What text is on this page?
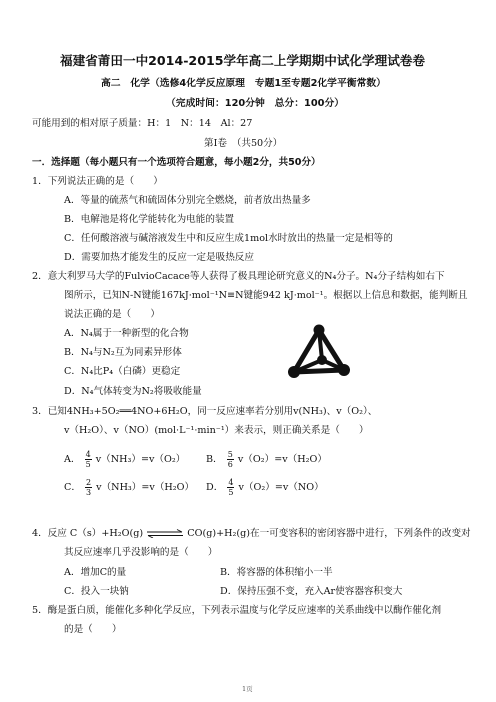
福建省莆田一中2014-2015学年高二上学期期中试化学理试卷卷
高二　化学（选修4化学反应原理　专题1至专题2化学平衡常数）
（完成时间：120分钟　总分：100分）
可能用到的相对原子质量：H：1　N：14　Al：27
第I卷　（共50分）
一．选择题（每小题只有一个选项符合题意，每小题2分，共50分）
1．下列说法正确的是（　　）
A．等量的硫蒸气和硫固体分别完全燃烧，前者放出热量多
B．电解池是将化学能转化为电能的装置
C．任何酸溶液与碱溶液发生中和反应生成1mol水时放出的热量一定是相等的
D．需要加热才能发生的反应一定是吸热反应
2．意大利罗马大学的FulvioCacace等人获得了极具理论研究意义的N₄分子。N₄分子结构如右下
图所示，已知N-N键能167kJ·mol⁻¹N≡N键能942 kJ·mol⁻¹。根据以上信息和数据，能判断且
说法正确的是（　　）
A．N₄属于一种新型的化合物
B．N₄与N₂互为同素异形体
C．N₄比P₄（白磷）更稳定
D．N₄气体转变为N₂将吸收能量
3．已知4NH₃+5O₂══4NO+6H₂O，同一反应速率若分别用v(NH₃)、v（O₂）、
v（H₂O）、v（NO）(mol·L⁻¹·min⁻¹）来表示，则正确关系是（　　）
A． $\frac{4}{5} v(NH_3)=v(O_2)$ B． $\frac{5}{6} v(O_2)=v(H_2O)$
C． $\frac{2}{3} v(NH_3)=v(H_2O)$ D． $\frac{4}{5} v(O_2)=v(NO)$
4．反应 C（s）+H₂O(g) ⇌ CO(g)+H₂(g)在一可变容积的密闭容器中进行，下列条件的改变对
其反应速率几乎没影响的是（　　）
A．增加C的量	B．将容器的体积缩小一半
C．投入一块钠	D．保持压强不变，充入Ar使容器容积变大
5．酶是蛋白质，能催化多种化学反应，下列表示温度与化学反应速率的关系曲线中以酶作催化剂
的是（　　）
1页
